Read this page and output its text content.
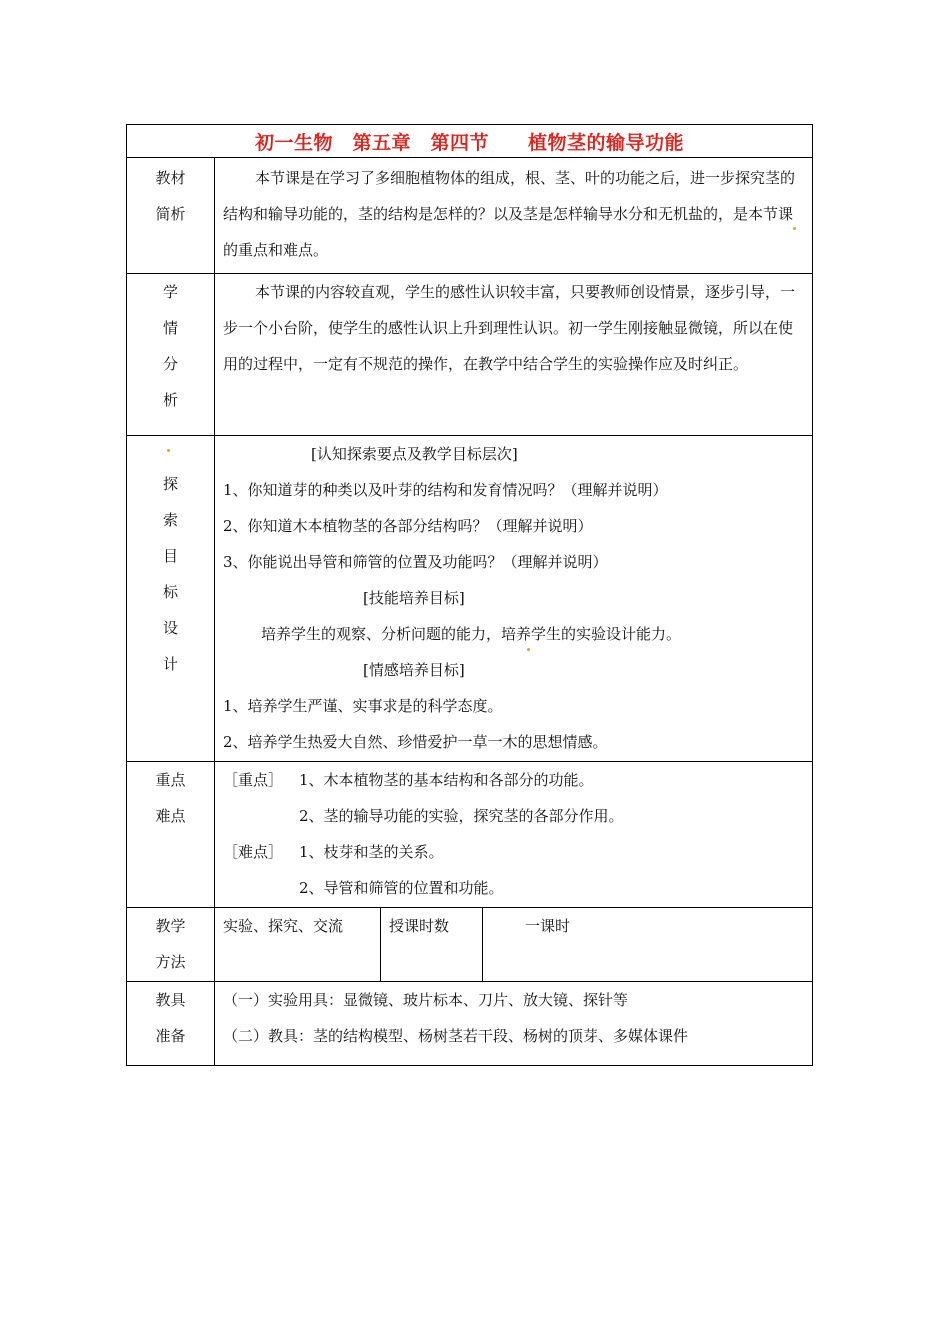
初一生物　第五章　第四节　　植物茎的输导功能
教材
简析

本节课是在学习了多细胞植物体的组成，根、茎、叶的功能之后，进一步探究茎的结构和输导功能的，茎的结构是怎样的？以及茎是怎样输导水分和无机盐的，是本节课的重点和难点。

学
情
分
析

本节课的内容较直观，学生的感性认识较丰富，只要教师创设情景，逐步引导，一步一个小台阶，使学生的感性认识上升到理性认识。初一学生刚接触显微镜，所以在使用的过程中，一定有不规范的操作，在教学中结合学生的实验操作应及时纠正。

探
索
目
标
设
计

[认知探索要点及教学目标层次]

1、你知道芽的种类以及叶芽的结构和发育情况吗？（理解并说明）

2、你知道木本植物茎的各部分结构吗？（理解并说明）

3、你能说出导管和筛管的位置及功能吗？（理解并说明）

[技能培养目标]

培养学生的观察、分析问题的能力，培养学生的实验设计能力。

[情感培养目标]

1、培养学生严谨、实事求是的科学态度。

2、培养学生热爱大自然、珍惜爱护一草一木的思想情感。

重点
难点

［重点］ 1、木本植物茎的基本结构和各部分的功能。

2、茎的输导功能的实验，探究茎的各部分作用。

［难点］ 1、枝芽和茎的关系。

2、导管和筛管的位置和功能。

教学
方法
实验、探究、交流	授课时数	一课时
教具
准备

（一）实验用具：显微镜、玻片标本、刀片、放大镜、探针等

（二）教具：茎的结构模型、杨树茎若干段、杨树的顶芽、多媒体课件
